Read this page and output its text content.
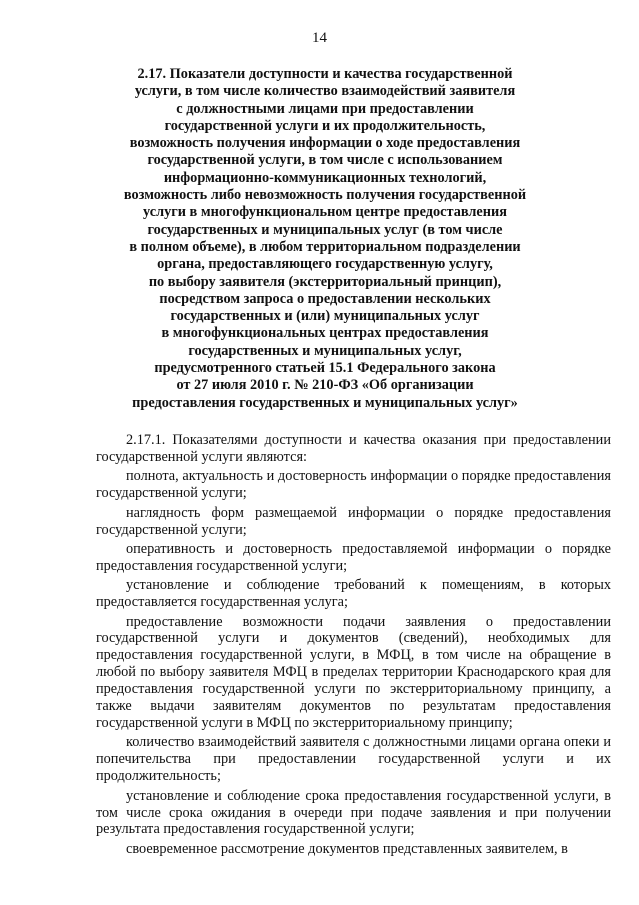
14
2.17. Показатели доступности и качества государственной
услуги, в том числе количество взаимодействий заявителя
с должностными лицами при предоставлении
государственной услуги и их продолжительность,
возможность получения информации о ходе предоставления
государственной услуги, в том числе с использованием
информационно-коммуникационных технологий,
возможность либо невозможность получения государственной
услуги в многофункциональном центре предоставления
государственных и муниципальных услуг (в том числе
в полном объеме), в любом территориальном подразделении
органа, предоставляющего государственную услугу,
по выбору заявителя (экстерриториальный принцип),
посредством запроса о предоставлении нескольких
государственных и (или) муниципальных услуг
в многофункциональных центрах предоставления
государственных и муниципальных услуг,
предусмотренного статьей 15.1 Федерального закона
от 27 июля 2010 г. № 210-ФЗ «Об организации
предоставления государственных и муниципальных услуг»

2.17.1. Показателями доступности и качества оказания при предоставлении государственной услуги являются:

полнота, актуальность и достоверность информации о порядке предоставления государственной услуги;

наглядность форм размещаемой информации о порядке предоставления государственной услуги;

оперативность и достоверность предоставляемой информации о порядке предоставления государственной услуги;

установление и соблюдение требований к помещениям, в которых предоставляется государственная услуга;

предоставление возможности подачи заявления о предоставлении государственной услуги и документов (сведений), необходимых для предоставления государственной услуги, в МФЦ, в том числе на обращение в любой по выбору заявителя МФЦ в пределах территории Краснодарского края для предоставления государственной услуги по экстерриториальному принципу, а также выдачи заявителям документов по результатам предоставления государственной услуги в МФЦ по экстерриториальному принципу;

количество взаимодействий заявителя с должностными лицами органа опеки и попечительства при предоставлении государственной услуги и их продолжительность;

установление и соблюдение срока предоставления государственной услуги, в том числе срока ожидания в очереди при подаче заявления и при получении результата предоставления государственной услуги;

своевременное рассмотрение документов представленных заявителем, в
